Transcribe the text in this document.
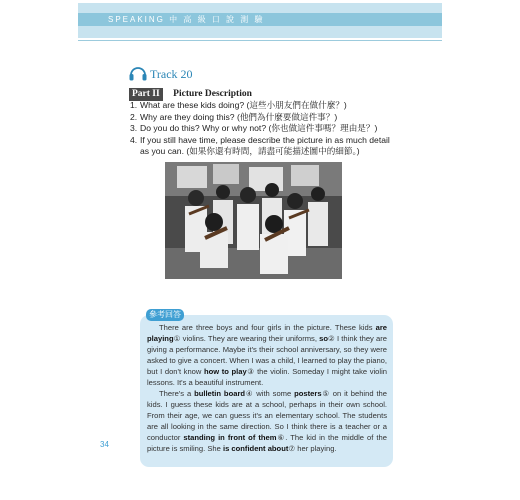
SPEAKING 中 高 級 口 說 測 驗
Track 20
Part II Picture Description
1. What are these kids doing? (這些小朋友們在做什麼？)
2. Why are they doing this? (他們為什麼要做這件事？)
3. Do you do this? Why or why not? (你也做這件事嗎？理由是？)
4. If you still have time, please describe the picture in as much detail as you can. (如果你還有時間，請盡可能描述圖中的細節。)
參考回答

There are three boys and four girls in the picture. These kids are playing① violins. They are wearing their uniforms, so② I think they are giving a performance. Maybe it's their school anniversary, so they were asked to give a concert. When I was a child, I learned to play the piano, but I don't know how to play③ the violin. Someday I might take violin lessons. It's a beautiful instrument.

There's a bulletin board④ with some posters⑤ on it behind the kids. I guess these kids are at a school, perhaps in their own school. From their age, we can guess it's an elementary school. The students are all looking in the same direction. So I think there is a teacher or a conductor standing in front of them⑥. The kid in the middle of the picture is smiling. She is confident about⑦ her playing.

34
